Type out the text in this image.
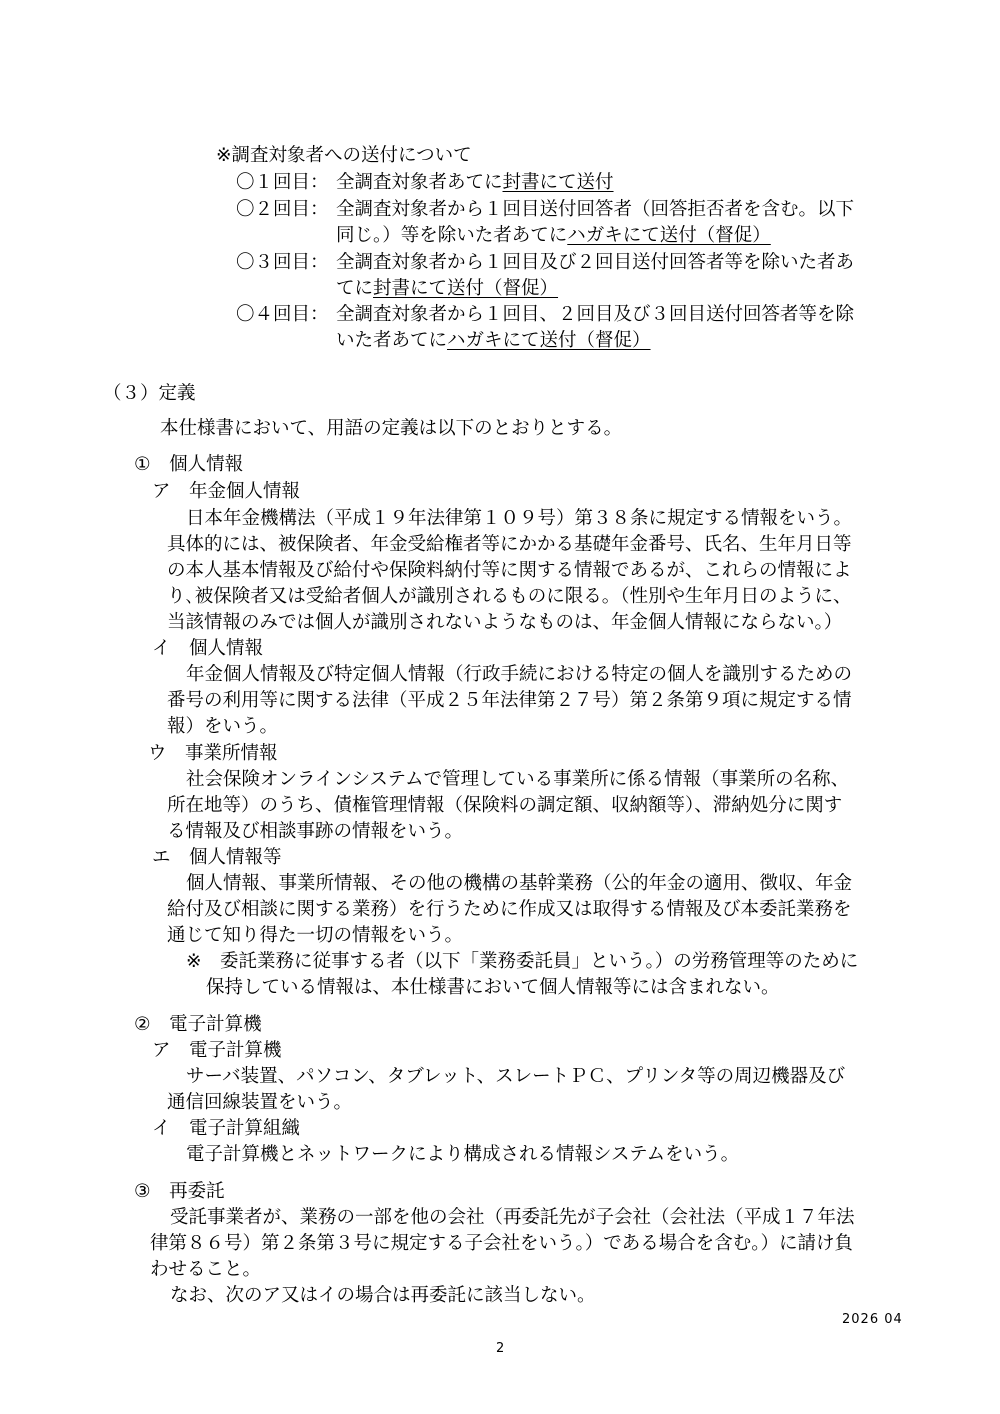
※調査対象者への送付について
〇１回目： 全調査対象者あてに封書にて送付
〇２回目： 全調査対象者から１回目送付回答者（回答拒否者を含む。以下
同じ。）等を除いた者あてにハガキにて送付（督促）
〇３回目： 全調査対象者から１回目及び２回目送付回答者等を除いた者あ
てに封書にて送付（督促）
〇４回目： 全調査対象者から１回目、２回目及び３回目送付回答者等を除
いた者あてにハガキにて送付（督促）
（３）定義
本仕様書において、用語の定義は以下のとおりとする。
①　個人情報
ア　年金個人情報
日本年金機構法（平成１９年法律第１０９号）第３８条に規定する情報をいう。
具体的には、被保険者、年金受給権者等にかかる基礎年金番号、氏名、生年月日等
の本人基本情報及び給付や保険料納付等に関する情報であるが、これらの情報によ
り､被保険者又は受給者個人が識別されるものに限る｡（性別や生年月日のように、
当該情報のみでは個人が識別されないようなものは、年金個人情報にならない。）
イ　個人情報
年金個人情報及び特定個人情報（行政手続における特定の個人を識別するための
番号の利用等に関する法律（平成２５年法律第２７号）第２条第９項に規定する情
報）をいう。
ウ　事業所情報
社会保険オンラインシステムで管理している事業所に係る情報（事業所の名称、
所在地等）のうち、債権管理情報（保険料の調定額、収納額等）、滞納処分に関す
る情報及び相談事跡の情報をいう。
エ　個人情報等
個人情報、事業所情報、その他の機構の基幹業務（公的年金の適用、徴収、年金
給付及び相談に関する業務）を行うために作成又は取得する情報及び本委託業務を
通じて知り得た一切の情報をいう。
※　委託業務に従事する者（以下「業務委託員」という。）の労務管理等のために
保持している情報は、本仕様書において個人情報等には含まれない。
②　電子計算機
ア　電子計算機
サーバ装置、パソコン、タブレット、スレートＰＣ、プリンタ等の周辺機器及び
通信回線装置をいう。
イ　電子計算組織
電子計算機とネットワークにより構成される情報システムをいう。
③　再委託
受託事業者が、業務の一部を他の会社（再委託先が子会社（会社法（平成１７年法
律第８６号）第２条第３号に規定する子会社をいう。）である場合を含む。）に請け負
わせること。
なお、次のア又はイの場合は再委託に該当しない。
2026 04
2
